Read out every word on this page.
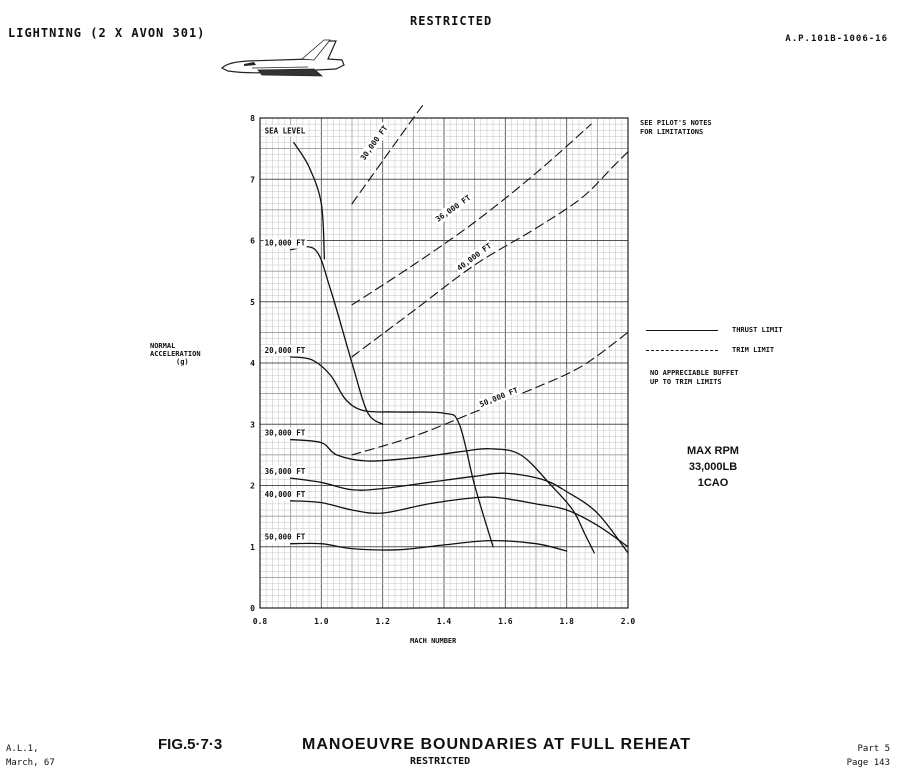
LIGHTNING (2 X AVON 301)
RESTRICTED
A.P.101B-1006-16
0.8	1.0	1.2	1.4	1.6	1.8	2.0
0
1
2
3
4
5
6
7
8
SEA LEVEL
10,000 FT
20,000 FT
30,000 FT
36,000 FT
40,000 FT
50,000 FT
30,000 FT
36,000 FT
40,000 FT
50,000 FT
NORMAL
ACCELERATION
(g)
MACH NUMBER
SEE PILOT'S NOTES
FOR LIMITATIONS
THRUST LIMIT
TRIM LIMIT
NO APPRECIABLE BUFFET
UP TO TRIM LIMITS
MAX RPM
33,000LB
1CAO
A.L.1,
March, 67
FIG.5·7·3	MANOEUVRE BOUNDARIES AT FULL REHEAT
RESTRICTED
Part 5
Page 143
